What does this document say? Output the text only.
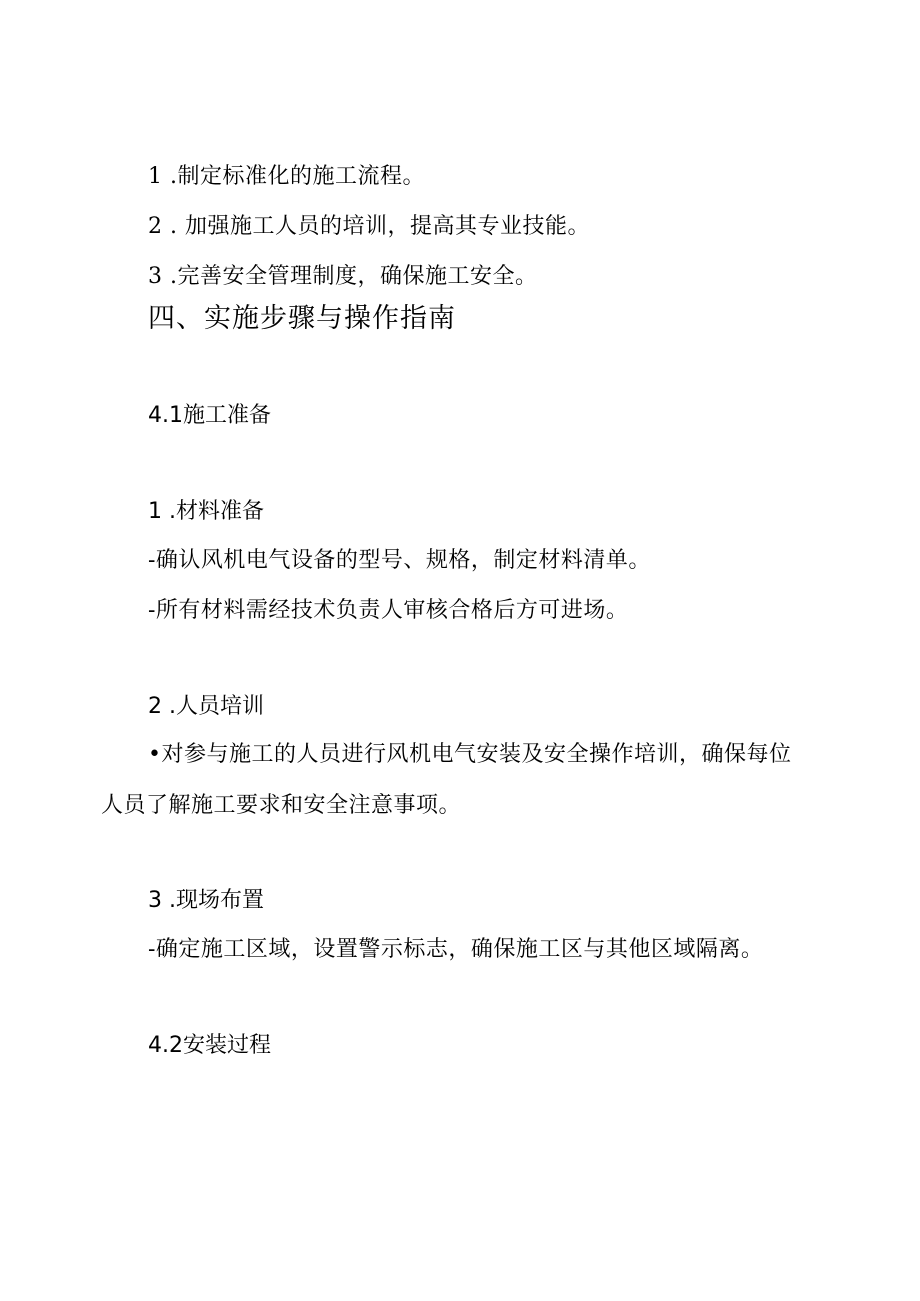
1 .制定标准化的施工流程。
2 . 加强施工人员的培训，提高其专业技能。
3 .完善安全管理制度，确保施工安全。
四、实施步骤与操作指南
4.1施工准备
1 .材料准备
-确认风机电气设备的型号、规格，制定材料清单。
-所有材料需经技术负责人审核合格后方可进场。
2 .人员培训
•对参与施工的人员进行风机电气安装及安全操作培训，确保每位
人员了解施工要求和安全注意事项。
3 .现场布置
-确定施工区域，设置警示标志，确保施工区与其他区域隔离。
4.2安装过程
